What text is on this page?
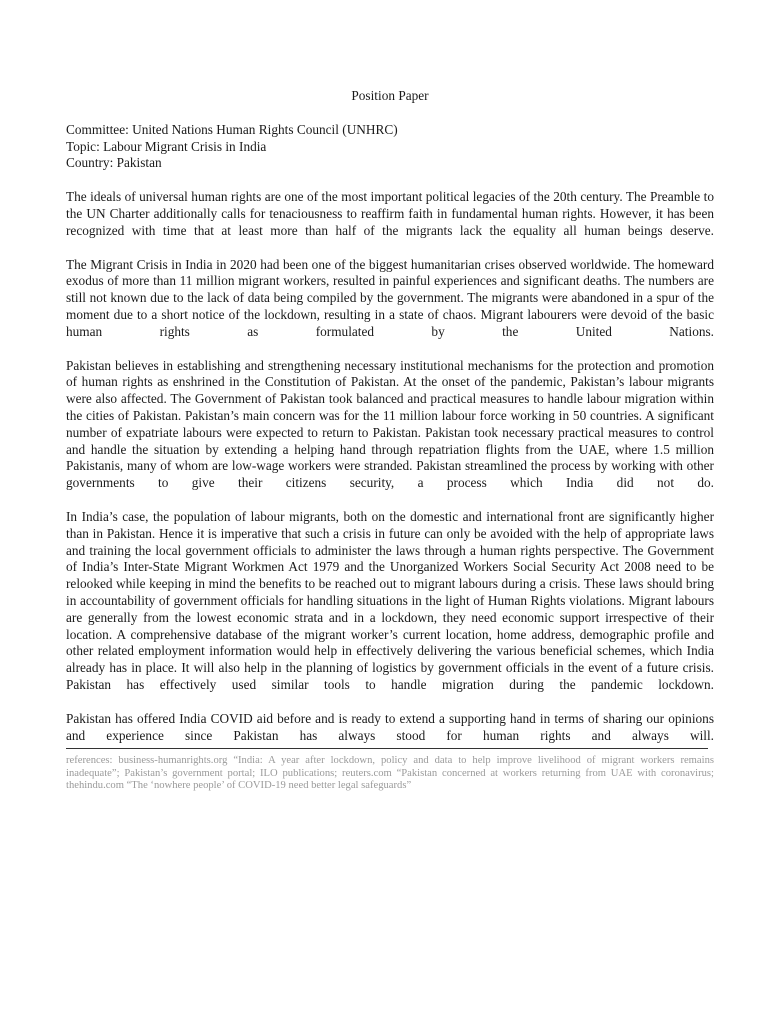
Position Paper

Committee: United Nations Human Rights Council (UNHRC)

Topic: Labour Migrant Crisis in India

Country: Pakistan

The ideals of universal human rights are one of the most important political legacies of the 20th century. The Preamble to the UN Charter additionally calls for tenaciousness to reaffirm faith in fundamental human rights. However, it has been recognized with time that at least more than half of the migrants lack the equality all human beings deserve.

The Migrant Crisis in India in 2020 had been one of the biggest humanitarian crises observed worldwide. The homeward exodus of more than 11 million migrant workers, resulted in painful experiences and significant deaths. The numbers are still not known due to the lack of data being compiled by the government. The migrants were abandoned in a spur of the moment due to a short notice of the lockdown, resulting in a state of chaos. Migrant labourers were devoid of the basic human rights as formulated by the United Nations.

Pakistan believes in establishing and strengthening necessary institutional mechanisms for the protection and promotion of human rights as enshrined in the Constitution of Pakistan. At the onset of the pandemic, Pakistan’s labour migrants were also affected. The Government of Pakistan took balanced and practical measures to handle labour migration within the cities of Pakistan. Pakistan’s main concern was for the 11 million labour force working in 50 countries. A significant number of expatriate labours were expected to return to Pakistan. Pakistan took necessary practical measures to control and handle the situation by extending a helping hand through repatriation flights from the UAE, where 1.5 million Pakistanis, many of whom are low-wage workers were stranded. Pakistan streamlined the process by working with other governments to give their citizens security, a process which India did not do.

In India’s case, the population of labour migrants, both on the domestic and international front are significantly higher than in Pakistan. Hence it is imperative that such a crisis in future can only be avoided with the help of appropriate laws and training the local government officials to administer the laws through a human rights perspective. The Government of India’s Inter-State Migrant Workmen Act 1979 and the Unorganized Workers Social Security Act 2008 need to be relooked while keeping in mind the benefits to be reached out to migrant labours during a crisis. These laws should bring in accountability of government officials for handling situations in the light of Human Rights violations. Migrant labours are generally from the lowest economic strata and in a lockdown, they need economic support irrespective of their location. A comprehensive database of the migrant worker’s current location, home address, demographic profile and other related employment information would help in effectively delivering the various beneficial schemes, which India already has in place. It will also help in the planning of logistics by government officials in the event of a future crisis. Pakistan has effectively used similar tools to handle migration during the pandemic lockdown.

Pakistan has offered India COVID aid before and is ready to extend a supporting hand in terms of sharing our opinions and experience since Pakistan has always stood for human rights and always will.

references: business-humanrights.org “India: A year after lockdown, policy and data to help improve livelihood of migrant workers remains inadequate”; Pakistan’s government portal; ILO publications; reuters.com “Pakistan concerned at workers returning from UAE with coronavirus; thehindu.com “The ‘nowhere people’ of COVID-19 need better legal safeguards”
